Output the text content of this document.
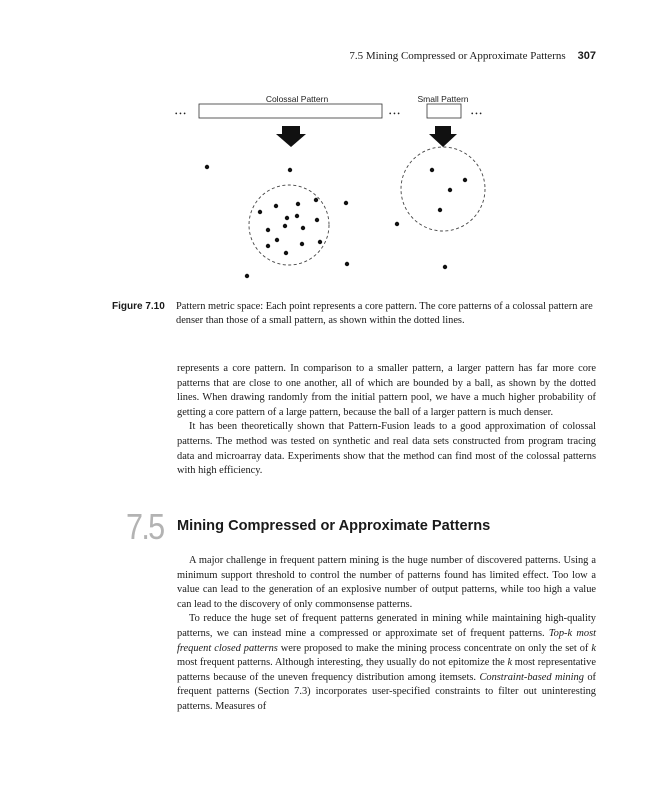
7.5 Mining Compressed or Approximate Patterns 307
Colossal Pattern	Small Pattern
• • •	• • •	• • •
Figure 7.10	Pattern metric space: Each point represents a core pattern. The core patterns of a colossal pattern are denser than those of a small pattern, as shown within the dotted lines.

represents a core pattern. In comparison to a smaller pattern, a larger pattern has far more core patterns that are close to one another, all of which are bounded by a ball, as shown by the dotted lines. When drawing randomly from the initial pattern pool, we have a much higher probability of getting a core pattern of a large pattern, because the ball of a larger pattern is much denser.

It has been theoretically shown that Pattern-Fusion leads to a good approximation of colossal patterns. The method was tested on synthetic and real data sets constructed from program tracing data and microarray data. Experiments show that the method can find most of the colossal patterns with high efficiency.

7.5 Mining Compressed or Approximate Patterns

A major challenge in frequent pattern mining is the huge number of discovered patterns. Using a minimum support threshold to control the number of patterns found has limited effect. Too low a value can lead to the generation of an explosive number of output patterns, while too high a value can lead to the discovery of only commonsense patterns.

To reduce the huge set of frequent patterns generated in mining while maintaining high-quality patterns, we can instead mine a compressed or approximate set of frequent patterns. Top-k most frequent closed patterns were proposed to make the mining process concentrate on only the set of k most frequent patterns. Although interesting, they usually do not epitomize the k most representative patterns because of the uneven frequency distribution among itemsets. Constraint-based mining of frequent patterns (Section 7.3) incorporates user-specified constraints to filter out uninteresting patterns. Measures of
